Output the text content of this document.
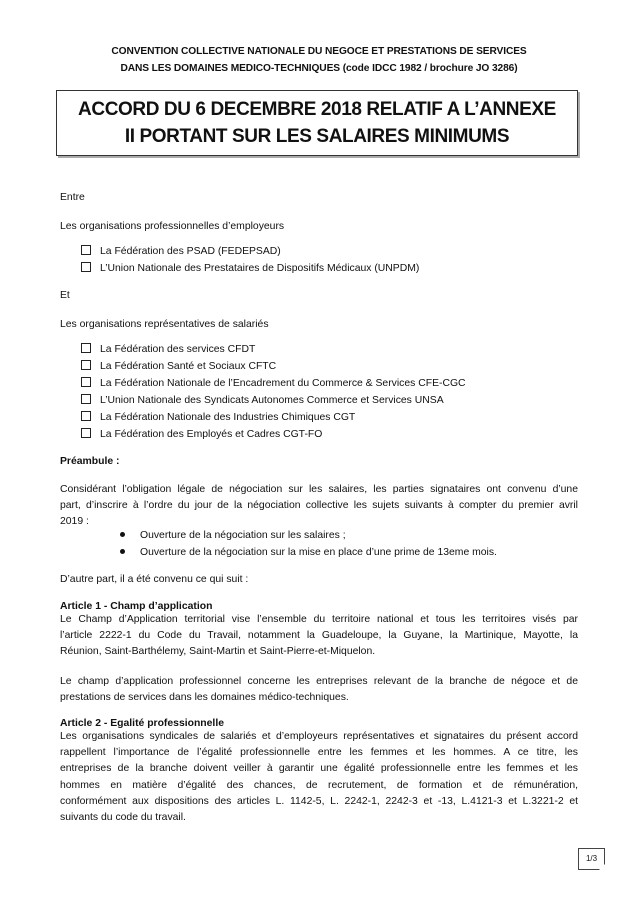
CONVENTION COLLECTIVE NATIONALE DU NEGOCE ET PRESTATIONS DE SERVICES
DANS LES DOMAINES MEDICO-TECHNIQUES (code IDCC 1982 / brochure JO 3286)
ACCORD DU 6 DECEMBRE 2018 RELATIF A L’ANNEXE
II PORTANT SUR LES SALAIRES MINIMUMS
Entre
Les organisations professionnelles d’employeurs
La Fédération des PSAD (FEDEPSAD)
L’Union Nationale des Prestataires de Dispositifs Médicaux (UNPDM)
Et
Les organisations représentatives de salariés
La Fédération des services CFDT
La Fédération Santé et Sociaux CFTC
La Fédération Nationale de l’Encadrement du Commerce & Services CFE-CGC
L’Union Nationale des Syndicats Autonomes Commerce et Services UNSA
La Fédération Nationale des Industries Chimiques CGT
La Fédération des Employés et Cadres CGT-FO
Préambule :
Considérant l’obligation légale de négociation sur les salaires, les parties signataires ont convenu d’une
part, d’inscrire à l’ordre du jour de la négociation collective les sujets suivants à compter du premier avril
2019 :
Ouverture de la négociation sur les salaires ;
Ouverture de la négociation sur la mise en place d’une prime de 13eme mois.
D’autre part, il a été convenu ce qui suit :
Article 1 - Champ d’application
Le Champ d’Application territorial vise l’ensemble du territoire national et tous les territoires visés par
l’article 2222-1 du Code du Travail, notamment la Guadeloupe, la Guyane, la Martinique, Mayotte, la
Réunion, Saint-Barthélemy, Saint-Martin et Saint-Pierre-et-Miquelon.
Le champ d’application professionnel concerne les entreprises relevant de la branche de négoce et de
prestations de services dans les domaines médico-techniques.
Article 2 - Egalité professionnelle
Les organisations syndicales de salariés et d’employeurs représentatives et signataires du présent accord
rappellent l’importance de l’égalité professionnelle entre les femmes et les hommes. A ce titre, les
entreprises de la branche doivent veiller à garantir une égalité professionnelle entre les femmes et les
hommes en matière d’égalité des chances, de recrutement, de formation et de rémunération,
conformément aux dispositions des articles L. 1142-5, L. 2242-1, 2242-3 et -13, L.4121-3 et L.3221-2 et
suivants du code du travail.
1/3
